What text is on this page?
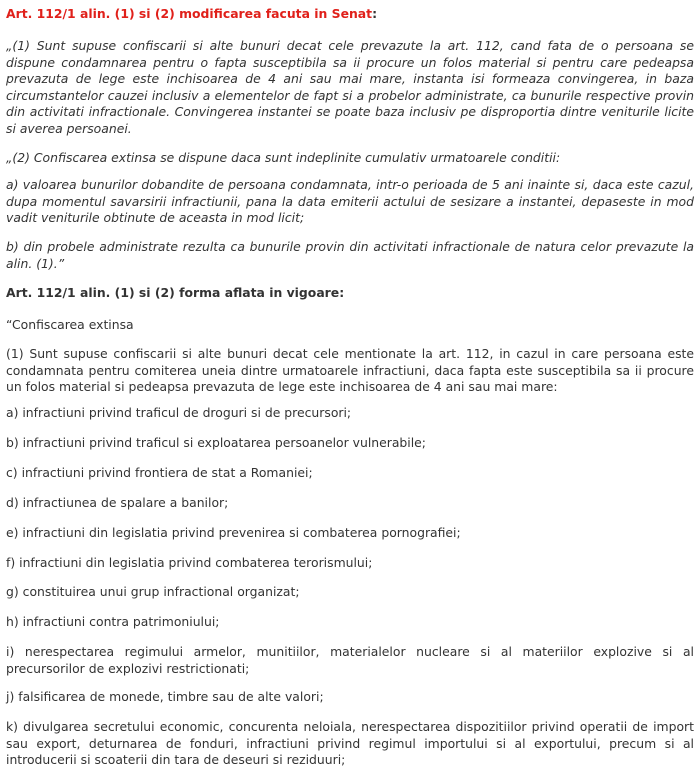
Art. 112/1 alin. (1) si (2) modificarea facuta in Senat:

„(1) Sunt supuse confiscarii si alte bunuri decat cele prevazute la art. 112, cand fata de o persoana se dispune condamnarea pentru o fapta susceptibila sa ii procure un folos material si pentru care pedeapsa prevazuta de lege este inchisoarea de 4 ani sau mai mare, instanta isi formeaza convingerea, in baza circumstantelor cauzei inclusiv a elementelor de fapt si a probelor administrate, ca bunurile respective provin din activitati infractionale. Convingerea instantei se poate baza inclusiv pe disproportia dintre veniturile licite si averea persoanei.

„(2) Confiscarea extinsa se dispune daca sunt indeplinite cumulativ urmatoarele conditii:

a) valoarea bunurilor dobandite de persoana condamnata, intr-o perioada de 5 ani inainte si, daca este cazul, dupa momentul savarsirii infractiunii, pana la data emiterii actului de sesizare a instantei, depaseste in mod vadit veniturile obtinute de aceasta in mod licit;

b) din probele administrate rezulta ca bunurile provin din activitati infractionale de natura celor prevazute la alin. (1).”

Art. 112/1 alin. (1) si (2) forma aflata in vigoare:

“Confiscarea extinsa

(1) Sunt supuse confiscarii si alte bunuri decat cele mentionate la art. 112, in cazul in care persoana este condamnata pentru comiterea uneia dintre urmatoarele infractiuni, daca fapta este susceptibila sa ii procure un folos material si pedeapsa prevazuta de lege este inchisoarea de 4 ani sau mai mare:

a) infractiuni privind traficul de droguri si de precursori;

b) infractiuni privind traficul si exploatarea persoanelor vulnerabile;

c) infractiuni privind frontiera de stat a Romaniei;

d) infractiunea de spalare a banilor;

e) infractiuni din legislatia privind prevenirea si combaterea pornografiei;

f) infractiuni din legislatia privind combaterea terorismului;

g) constituirea unui grup infractional organizat;

h) infractiuni contra patrimoniului;

i) nerespectarea regimului armelor, munitiilor, materialelor nucleare si al materiilor explozive si al precursorilor de explozivi restrictionati;

j) falsificarea de monede, timbre sau de alte valori;

k) divulgarea secretului economic, concurenta neloiala, nerespectarea dispozitiilor privind operatii de import sau export, deturnarea de fonduri, infractiuni privind regimul importului si al exportului, precum si al introducerii si scoaterii din tara de deseuri si reziduuri;
